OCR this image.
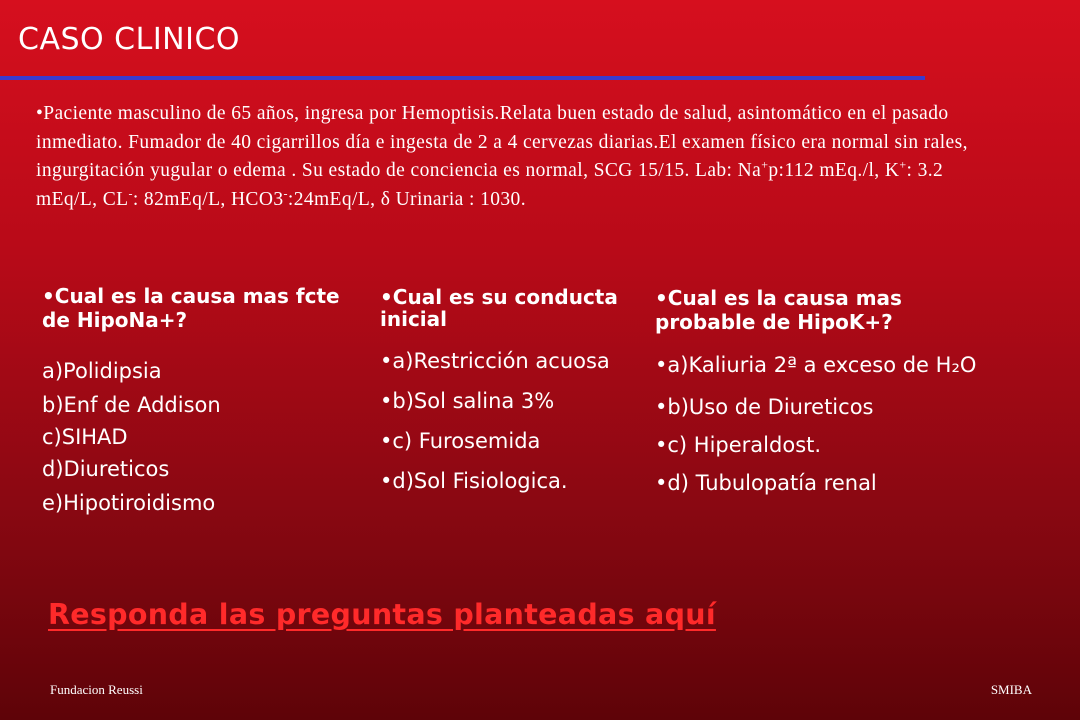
CASO CLINICO
•Paciente masculino de 65 años, ingresa por Hemoptisis.Relata buen estado de salud, asintomático en el pasado inmediato. Fumador de 40 cigarrillos día e ingesta de 2 a 4 cervezas diarias.El examen físico era normal sin rales, ingurgitación yugular o edema . Su estado de conciencia es normal, SCG 15/15. Lab: Na+p:112 mEq./l, K+: 3.2 mEq/L, CL-: 82mEq/L, HCO3-:24mEq/L, δ Urinaria : 1030.
•Cual es la causa mas fcte de HipoNa+?
a)Polidipsia
b)Enf de Addison
c)SIHAD
d)Diureticos
e)Hipotiroidismo
•Cual es su conducta inicial
•a)Restricción acuosa
•b)Sol salina 3%
•c) Furosemida
•d)Sol Fisiologica.
•Cual es la causa mas probable de HipoK+?
•a)Kaliuria 2ª a exceso de H₂O
•b)Uso de Diureticos
•c) Hiperaldost.
•d) Tubulopatía renal
Responda las preguntas planteadas aquí
Fundacion Reussi	SMIBA
